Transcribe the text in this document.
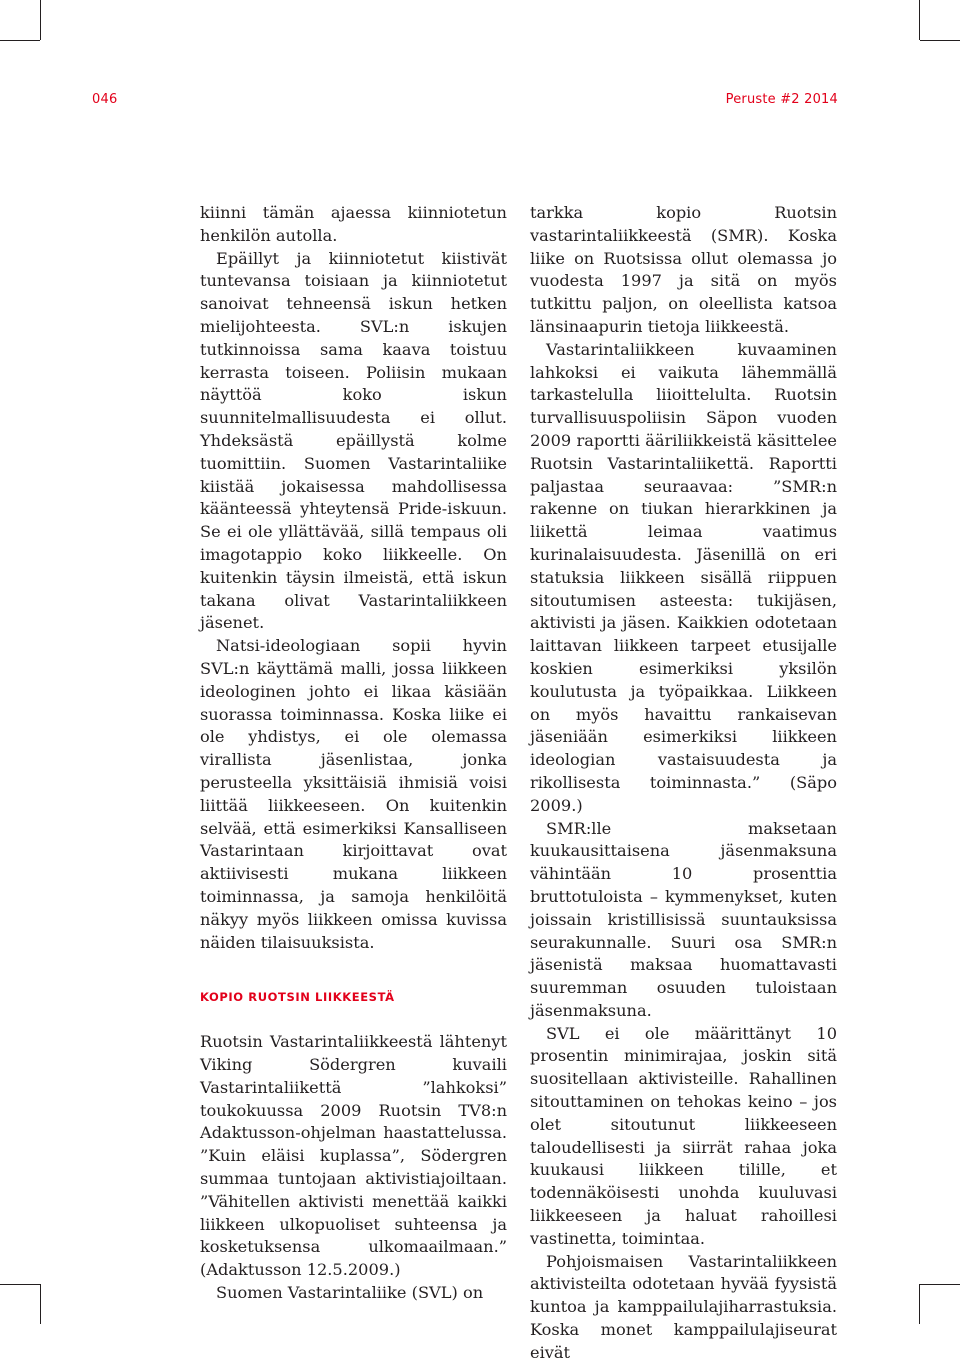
046	Peruste #2 2014

kiinni tämän ajaessa kiinniotetun henkilön autolla.

Epäillyt ja kiinniotetut kiistivät tuntevansa toisiaan ja kiinniotetut sanoivat tehneensä iskun hetken mielijohteesta. SVL:n iskujen tutkinnoissa sama kaava toistuu kerrasta toiseen. Poliisin mukaan näyttöä koko iskun suunnitelmallisuudesta ei ollut. Yhdeksästä epäillystä kolme tuomittiin. Suomen Vastarintaliike kiistää jokaisessa mahdollisessa käänteessä yhteytensä Pride-iskuun. Se ei ole yllättävää, sillä tempaus oli imagotappio koko liikkeelle. On kuitenkin täysin ilmeistä, että iskun takana olivat Vastarintaliikkeen jäsenet.

Natsi-ideologiaan sopii hyvin SVL:n käyttämä malli, jossa liikkeen ideologinen johto ei likaa käsiään suorassa toiminnassa. Koska liike ei ole yhdistys, ei ole olemassa virallista jäsenlistaa, jonka perusteella yksittäisiä ihmisiä voisi liittää liikkeeseen. On kuitenkin selvää, että esimerkiksi Kansalliseen Vastarintaan kirjoittavat ovat aktiivisesti mukana liikkeen toiminnassa, ja samoja henkilöitä näkyy myös liikkeen omissa kuvissa näiden tilaisuuksista.

KOPIO RUOTSIN LIIKKEESTÄ

Ruotsin Vastarintaliikkeestä lähtenyt Viking Södergren kuvaili Vastarintaliikettä ”lahkoksi” toukokuussa 2009 Ruotsin TV8:n Adaktusson-ohjelman haastattelussa. ”Kuin eläisi kuplassa”, Södergren summaa tuntojaan aktivistiajoiltaan. ”Vähitellen aktivisti menettää kaikki liikkeen ulkopuoliset suhteensa ja kosketuksensa ulkomaailmaan.” (Adaktusson 12.5.2009.)

Suomen Vastarintaliike (SVL) on

tarkka kopio Ruotsin vastarintaliikkeestä (SMR). Koska liike on Ruotsissa ollut olemassa jo vuodesta 1997 ja sitä on myös tutkittu paljon, on oleellista katsoa länsinaapurin tietoja liikkeestä.

Vastarintaliikkeen kuvaaminen lahkoksi ei vaikuta lähemmällä tarkastelulla liioittelulta. Ruotsin turvallisuuspoliisin Säpon vuoden 2009 raportti ääriliikkeistä käsittelee Ruotsin Vastarintaliikettä. Raportti paljastaa seuraavaa: ”SMR:n rakenne on tiukan hierarkkinen ja liikettä leimaa vaatimus kurinalaisuudesta. Jäsenillä on eri statuksia liikkeen sisällä riippuen sitoutumisen asteesta: tukijäsen, aktivisti ja jäsen. Kaikkien odotetaan laittavan liikkeen tarpeet etusijalle koskien esimerkiksi yksilön koulutusta ja työpaikkaa. Liikkeen on myös havaittu rankaisevan jäseniään esimerkiksi liikkeen ideologian vastaisuudesta ja rikollisesta toiminnasta.” (Säpo 2009.)

SMR:lle maksetaan kuukausittaisena jäsenmaksuna vähintään 10 prosenttia bruttotuloista – kymmenykset, kuten joissain kristillisissä suuntauksissa seurakunnalle. Suuri osa SMR:n jäsenistä maksaa huomattavasti suuremman osuuden tuloistaan jäsenmaksuna.

SVL ei ole määrittänyt 10 prosentin minimirajaa, joskin sitä suositellaan aktivisteille. Rahallinen sitouttaminen on tehokas keino – jos olet sitoutunut liikkeeseen taloudellisesti ja siirrät rahaa joka kuukausi liikkeen tilille, et todennäköisesti unohda kuuluvasi liikkeeseen ja haluat rahoillesi vastinetta, toimintaa.

Pohjoismaisen Vastarintaliikkeen aktivisteilta odotetaan hyvää fyysistä kuntoa ja kamppailulajiharrastuksia. Koska monet kamppailulajiseurat eivät
